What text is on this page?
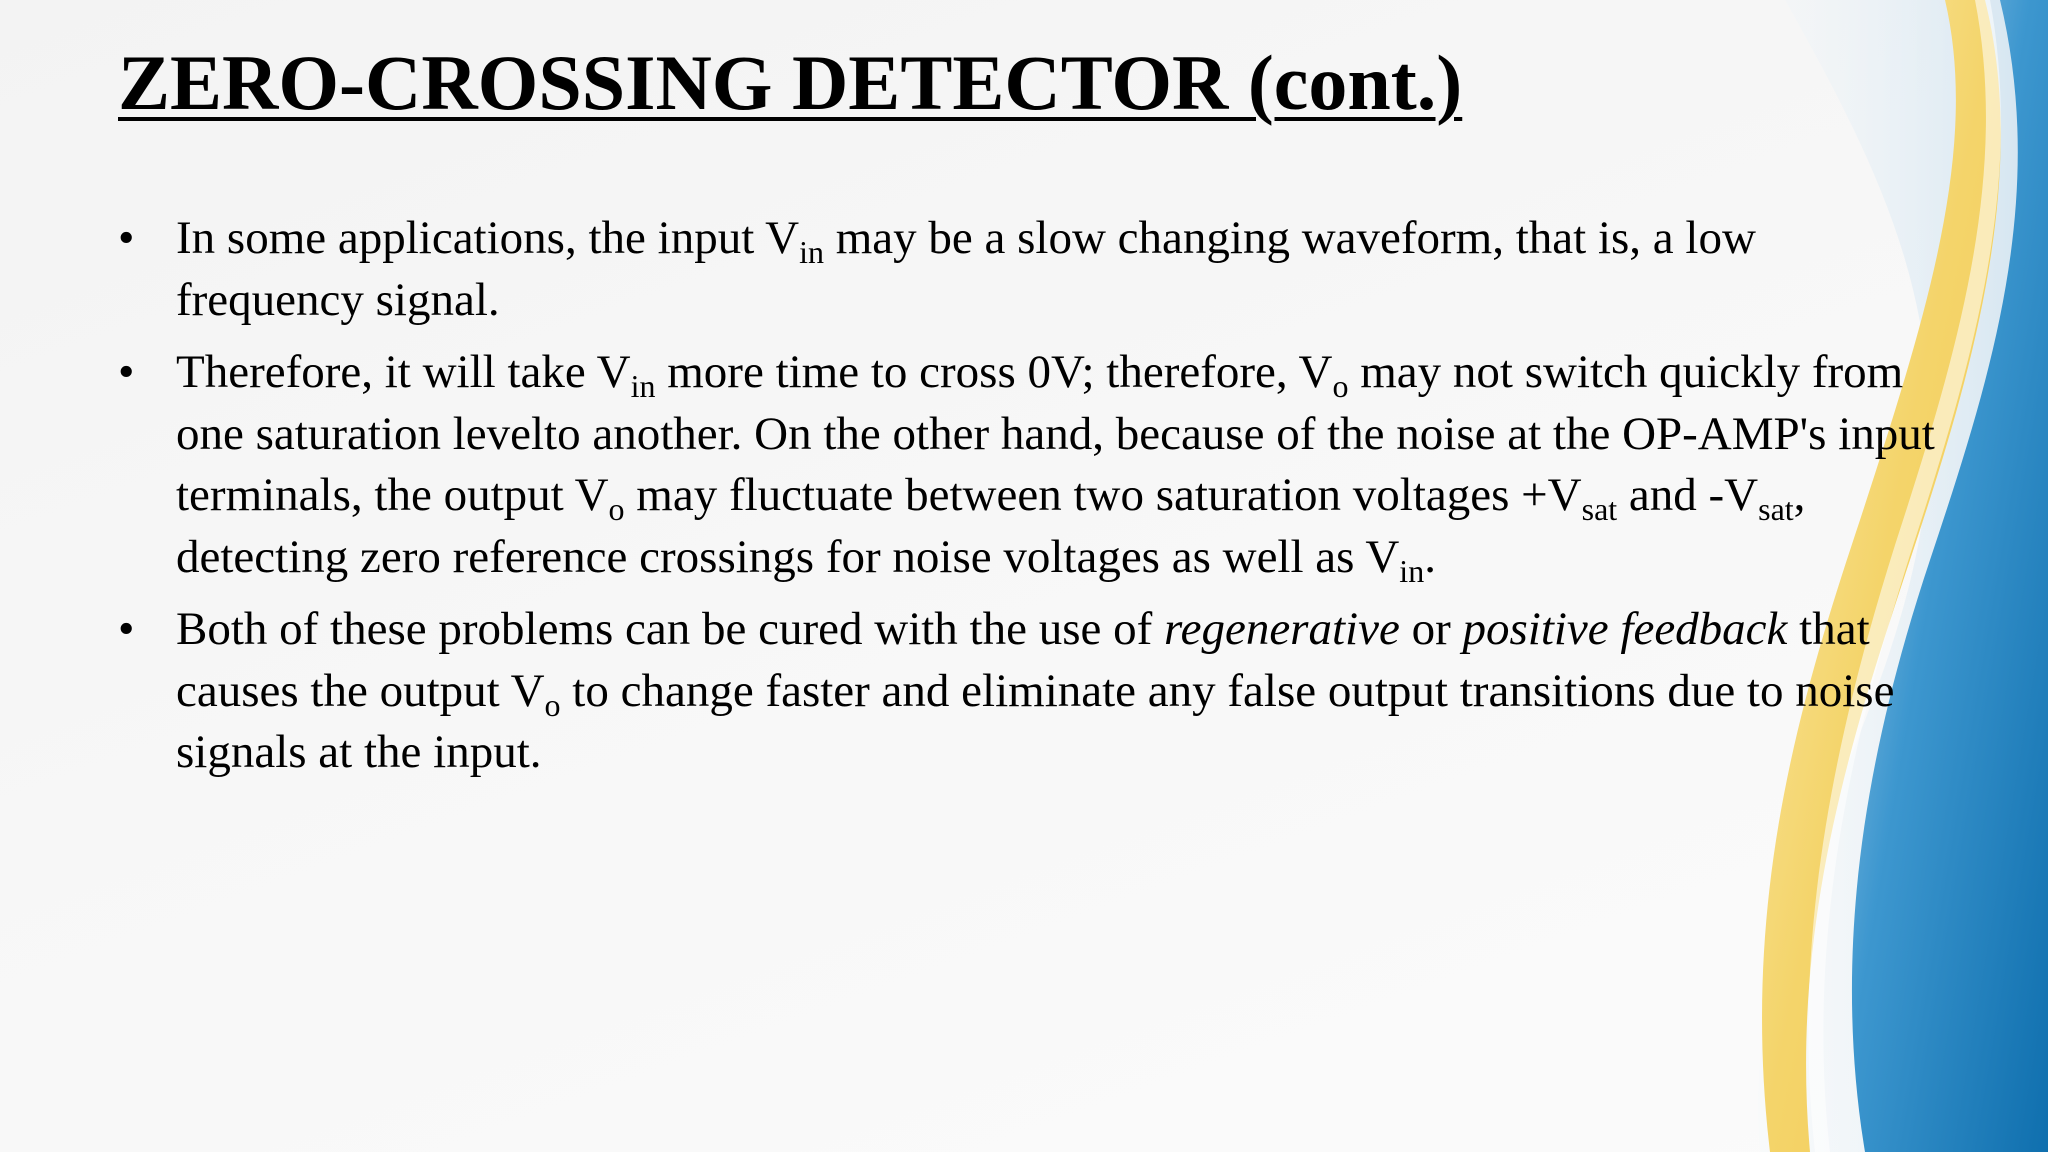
ZERO-CROSSING DETECTOR (cont.)
• In some applications, the input $V_{in}$ may be a slow changing waveform, that is, a low frequency signal.
• Therefore, it will take $V_{in}$ more time to cross 0V; therefore, $V_o$ may not switch quickly from one saturation levelto another. On the other hand, because of the noise at the OP-AMP's input terminals, the output $V_o$ may fluctuate between two saturation voltages $+V_{sat}$ and $-V_{sat}$, detecting zero reference crossings for noise voltages as well as $V_{in}$.
• Both of these problems can be cured with the use of regenerative or positive feedback that causes the output $V_o$ to change faster and eliminate any false output transitions due to noise signals at the input.
